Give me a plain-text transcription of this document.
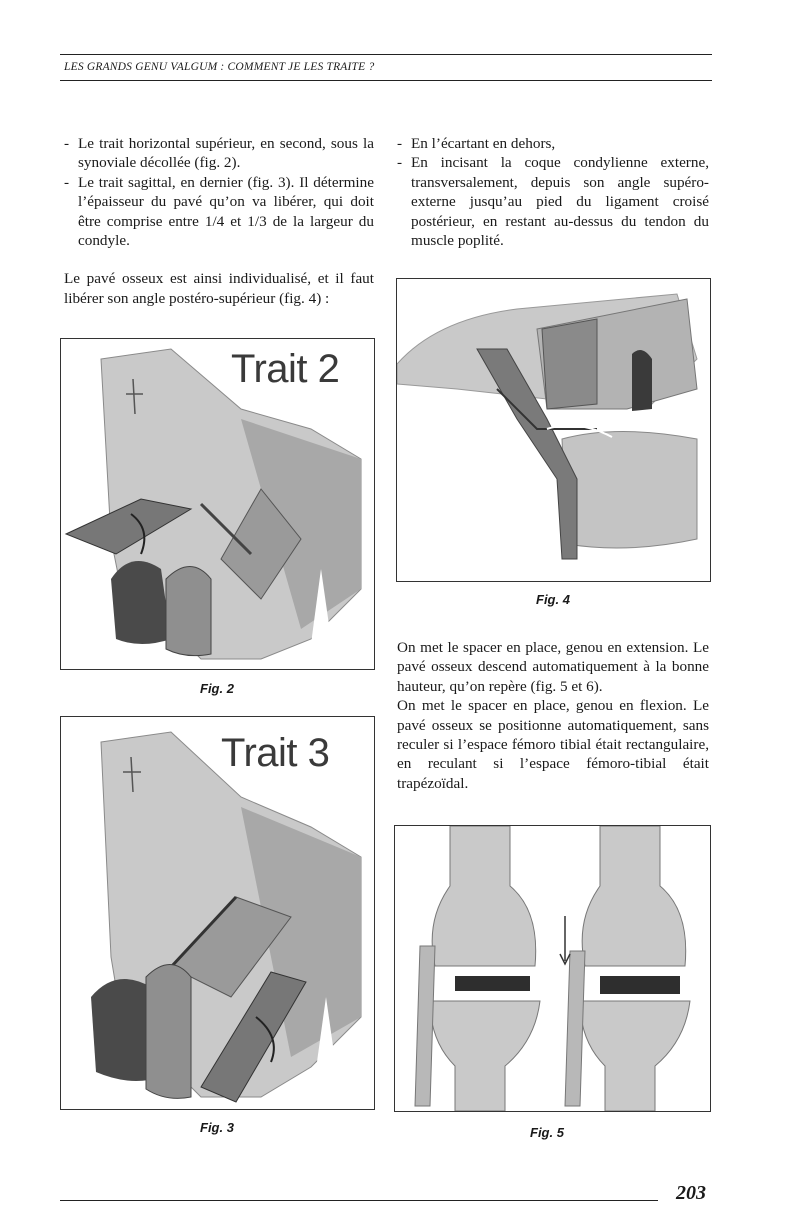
LES GRANDS GENU VALGUM : COMMENT JE LES TRAITE ?
- Le trait horizontal supérieur, en second, sous la synoviale décollée (fig. 2).
- Le trait sagittal, en dernier (fig. 3). Il détermine l’épaisseur du pavé qu’on va libérer, qui doit être comprise entre 1/4 et 1/3 de la largeur du condyle.

Le pavé osseux est ainsi individualisé, et il faut libérer son angle postéro-supérieur (fig. 4) :

- En l’écartant en dehors,
- En incisant la coque condylienne externe, transversalement, depuis son angle supéro-externe jusqu’au pied du ligament croisé postérieur, en restant au-dessus du tendon du muscle poplité.
Trait 2
Fig. 2
Trait 3
Fig. 3
Fig. 4

On met le spacer en place, genou en extension. Le pavé osseux descend automatiquement à la bonne hauteur, qu’on repère (fig. 5 et 6).

On met le spacer en place, genou en flexion. Le pavé osseux se positionne automatiquement, sans reculer si l’espace fémoro tibial était rectangulaire, en reculant si l’espace fémoro-tibial était trapézoïdal.

Fig. 5
203
